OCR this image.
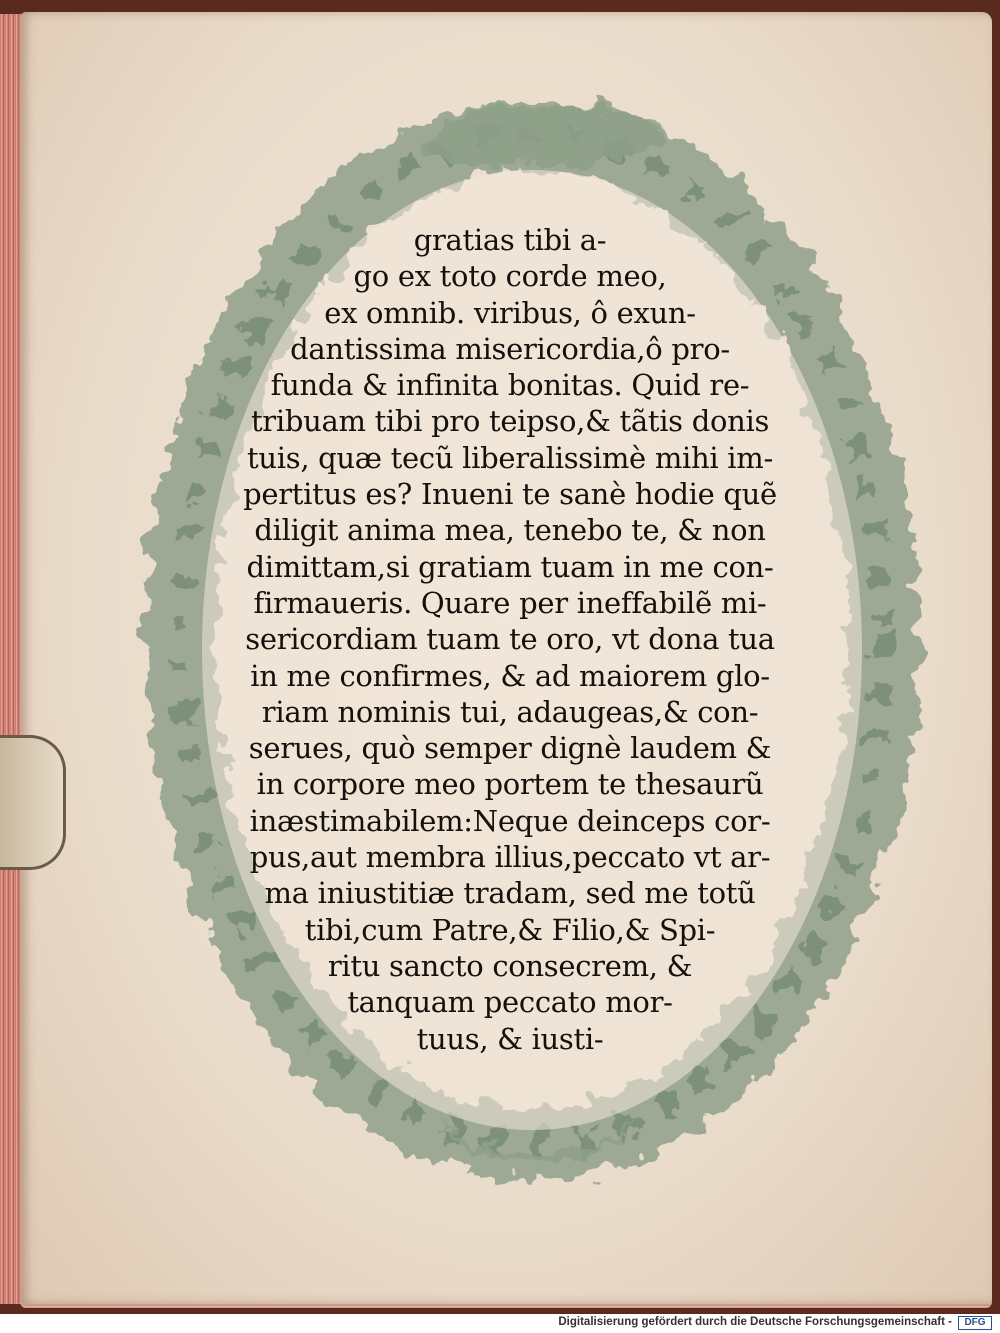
gratias tibi a-
go ex toto corde meo,
ex omnib. viribus, ô exun-
dantissima misericordia,ô pro-
funda & infinita bonitas. Quid re-
tribuam tibi pro teipso,& tãtis donis
tuis, quæ tecũ liberalissimè mihi im-
pertitus es? Inueni te sanè hodie quẽ
diligit anima mea, tenebo te, & non
dimittam,si gratiam tuam in me con-
firmaueris. Quare per ineffabilẽ mi-
sericordiam tuam te oro, vt dona tua
in me confirmes, & ad maiorem glo-
riam nominis tui, adaugeas,& con-
serues, quò semper dignè laudem &
in corpore meo portem te thesaurũ
inæstimabilem:Neque deinceps cor-
pus,aut membra illius,peccato vt ar-
ma iniustitiæ tradam, sed me totũ
tibi,cum Patre,& Filio,& Spi-
ritu sancto consecrem, &
tanquam peccato mor-
tuus, & iusti-
Digitalisierung gefördert durch die Deutsche Forschungsgemeinschaft -	DFG
